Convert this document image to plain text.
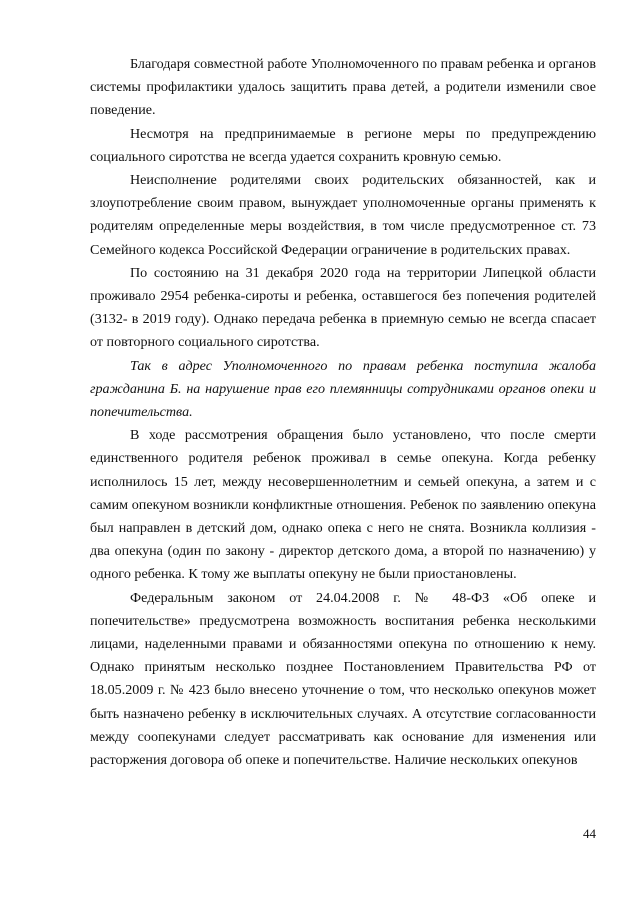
Благодаря совместной работе Уполномоченного по правам ребенка и органов системы профилактики удалось защитить права детей, а родители изменили свое поведение.

Несмотря на предпринимаемые в регионе меры по предупреждению социального сиротства не всегда удается сохранить кровную семью.

Неисполнение родителями своих родительских обязанностей, как и злоупотребление своим правом, вынуждает уполномоченные органы применять к родителям определенные меры воздействия, в том числе предусмотренное ст. 73 Семейного кодекса Российской Федерации ограничение в родительских правах.

По состоянию на 31 декабря 2020 года на территории Липецкой области проживало 2954 ребенка-сироты и ребенка, оставшегося без попечения родителей (3132- в 2019 году). Однако передача ребенка в приемную семью не всегда спасает от повторного социального сиротства.

Так в адрес Уполномоченного по правам ребенка поступила жалоба гражданина Б. на нарушение прав его племянницы сотрудниками органов опеки и попечительства.

В ходе рассмотрения обращения было установлено, что после смерти единственного родителя ребенок проживал в семье опекуна. Когда ребенку исполнилось 15 лет, между несовершеннолетним и семьей опекуна, а затем и с самим опекуном возникли конфликтные отношения. Ребенок по заявлению опекуна был направлен в детский дом, однако опека с него не снята. Возникла коллизия - два опекуна (один по закону - директор детского дома, а второй по назначению) у одного ребенка. К тому же выплаты опекуну не были приостановлены.

Федеральным законом от 24.04.2008 г. № 48-ФЗ «Об опеке и попечительстве» предусмотрена возможность воспитания ребенка несколькими лицами, наделенными правами и обязанностями опекуна по отношению к нему. Однако принятым несколько позднее Постановлением Правительства РФ от 18.05.2009 г. № 423 было внесено уточнение о том, что несколько опекунов может быть назначено ребенку в исключительных случаях. А отсутствие согласованности между соопекунами следует рассматривать как основание для изменения или расторжения договора об опеке и попечительстве. Наличие нескольких опекунов

44
